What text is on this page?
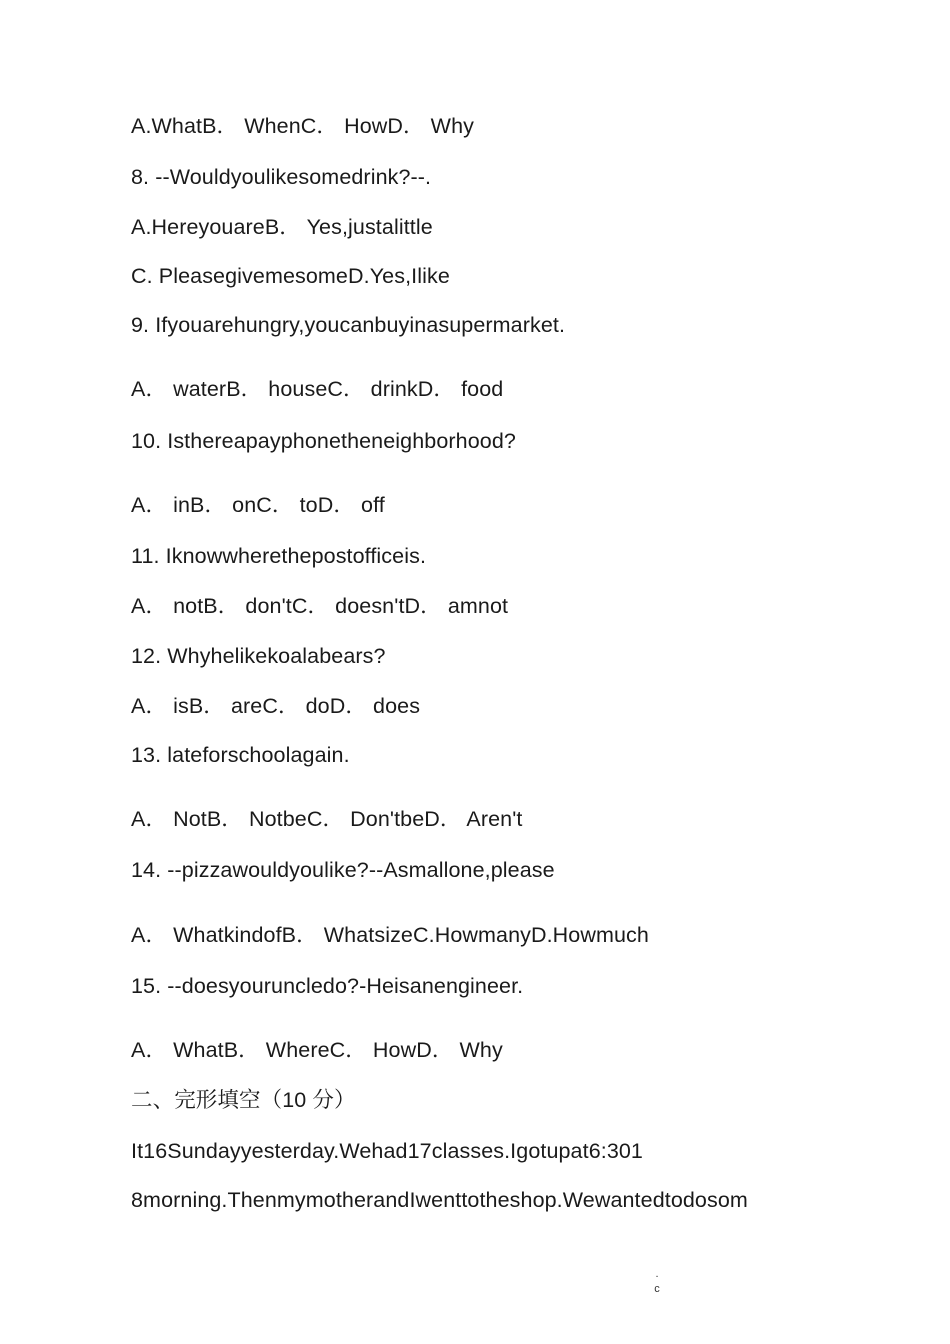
A.WhatB． WhenC． HowD． Why
8. --Wouldyoulikesomedrink?--.
A.HereyouareB． Yes,justalittle
C. PleasegivemesomeD.Yes,Ilike
9. Ifyouarehungry,youcanbuyinasupermarket.
A． waterB． houseC． drinkD． food
10. Isthereapayphonetheneighborhood?
A． inB． onC． toD． off
11. Iknowwherethepostofficeis.
A． notB． don'tC． doesn'tD． amnot
12. Whyhelikekoalabears?
A． isB． areC． doD． does
13. lateforschoolagain.
A． NotB． NotbeC． Don'tbeD． Aren't
14. --pizzawouldyoulike?--Asmallone,please
A． WhatkindofB． WhatsizeC.HowmanyD.Howmuch
15. --doesyouruncledo?-Heisanengineer.
A． WhatB． WhereC． HowD． Why
二、完形填空（10 分）
It16Sundayyesterday.Wehad17classes.Igotupat6:301
8morning.ThenmymotherandIwenttotheshop.Wewantedtodosom
.
c
